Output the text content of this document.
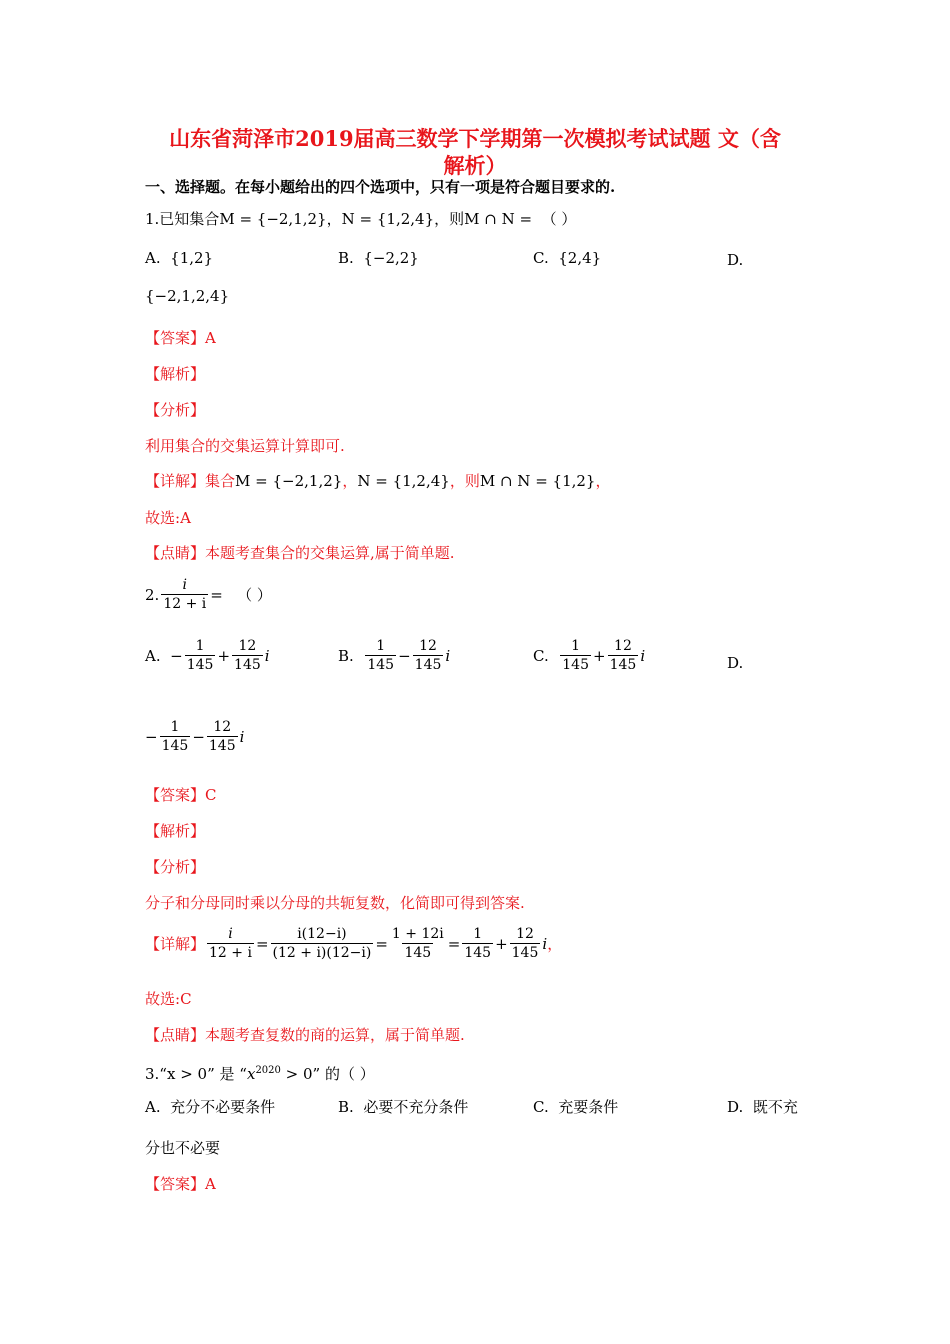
山东省菏泽市2019届高三数学下学期第一次模拟考试试题 文（含
解析）
一、选择题。在每小题给出的四个选项中，只有一项是符合题目要求的.
1.已知集合M = {−2,1,2}，N = {1,2,4}，则M ∩ N = （ ）
A. {1,2}	B. {−2,2}	C. {2,4}	D.
{−2,1,2,4}
【答案】A
【解析】
【分析】
利用集合的交集运算计算即可.
【详解】集合M = {−2,1,2}，N = {1,2,4}，则M ∩ N = {1,2}，
故选:A
【点睛】本题考查集合的交集运算,属于简单题.
2. $\frac{i}{12 + i}$ =
（ ）
A.
− $\frac{1}{145} + \frac{12}{145}$ i	B.
$\frac{1}{145} - \frac{12}{145}$ i	C.
$\frac{1}{145} + \frac{12}{145}$ i	D.
− $\frac{1}{145} - \frac{12}{145}$ i
【答案】C
【解析】
【分析】
分子和分母同时乘以分母的共轭复数，化简即可得到答案.
【详解】 $\frac{i}{12 + i} = \frac{i(12-i)}{(12 + i)(12-i)} = \frac{1 + 12i}{145} = \frac{1}{145} + \frac{12}{145}$ i ，
故选:C
【点睛】本题考查复数的商的运算，属于简单题.
3.“x > 0” 是 “$x^{2020} > 0$” 的（ ）
A. 充分不必要条件	B. 必要不充分条件	C. 充要条件	D. 既不充
分也不必要
【答案】A
